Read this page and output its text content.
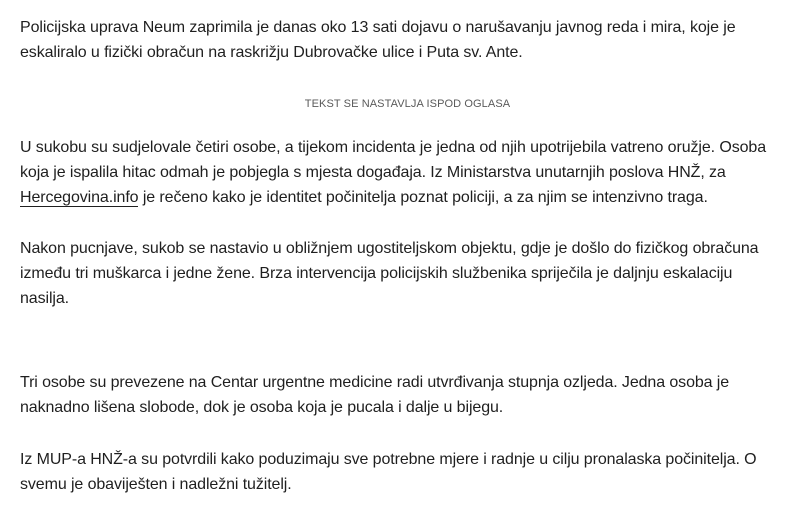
Policijska uprava Neum zaprimila je danas oko 13 sati dojavu o narušavanju javnog reda i mira, koje je eskaliralo u fizički obračun na raskrižju Dubrovačke ulice i Puta sv. Ante.

TEKST SE NASTAVLJA ISPOD OGLASA

U sukobu su sudjelovale četiri osobe, a tijekom incidenta je jedna od njih upotrijebila vatreno oružje. Osoba koja je ispalila hitac odmah je pobjegla s mjesta događaja. Iz Ministarstva unutarnjih poslova HNŽ, za Hercegovina.info je rečeno kako je identitet počinitelja poznat policiji, a za njim se intenzivno traga.

Nakon pucnjave, sukob se nastavio u obližnjem ugostiteljskom objektu, gdje je došlo do fizičkog obračuna između tri muškarca i jedne žene. Brza intervencija policijskih službenika spriječila je daljnju eskalaciju nasilja.

Tri osobe su prevezene na Centar urgentne medicine radi utvrđivanja stupnja ozljeda. Jedna osoba je naknadno lišena slobode, dok je osoba koja je pucala i dalje u bijegu.

Iz MUP-a HNŽ-a su potvrdili kako poduzimaju sve potrebne mjere i radnje u cilju pronalaska počinitelja. O svemu je obaviješten i nadležni tužitelj.
